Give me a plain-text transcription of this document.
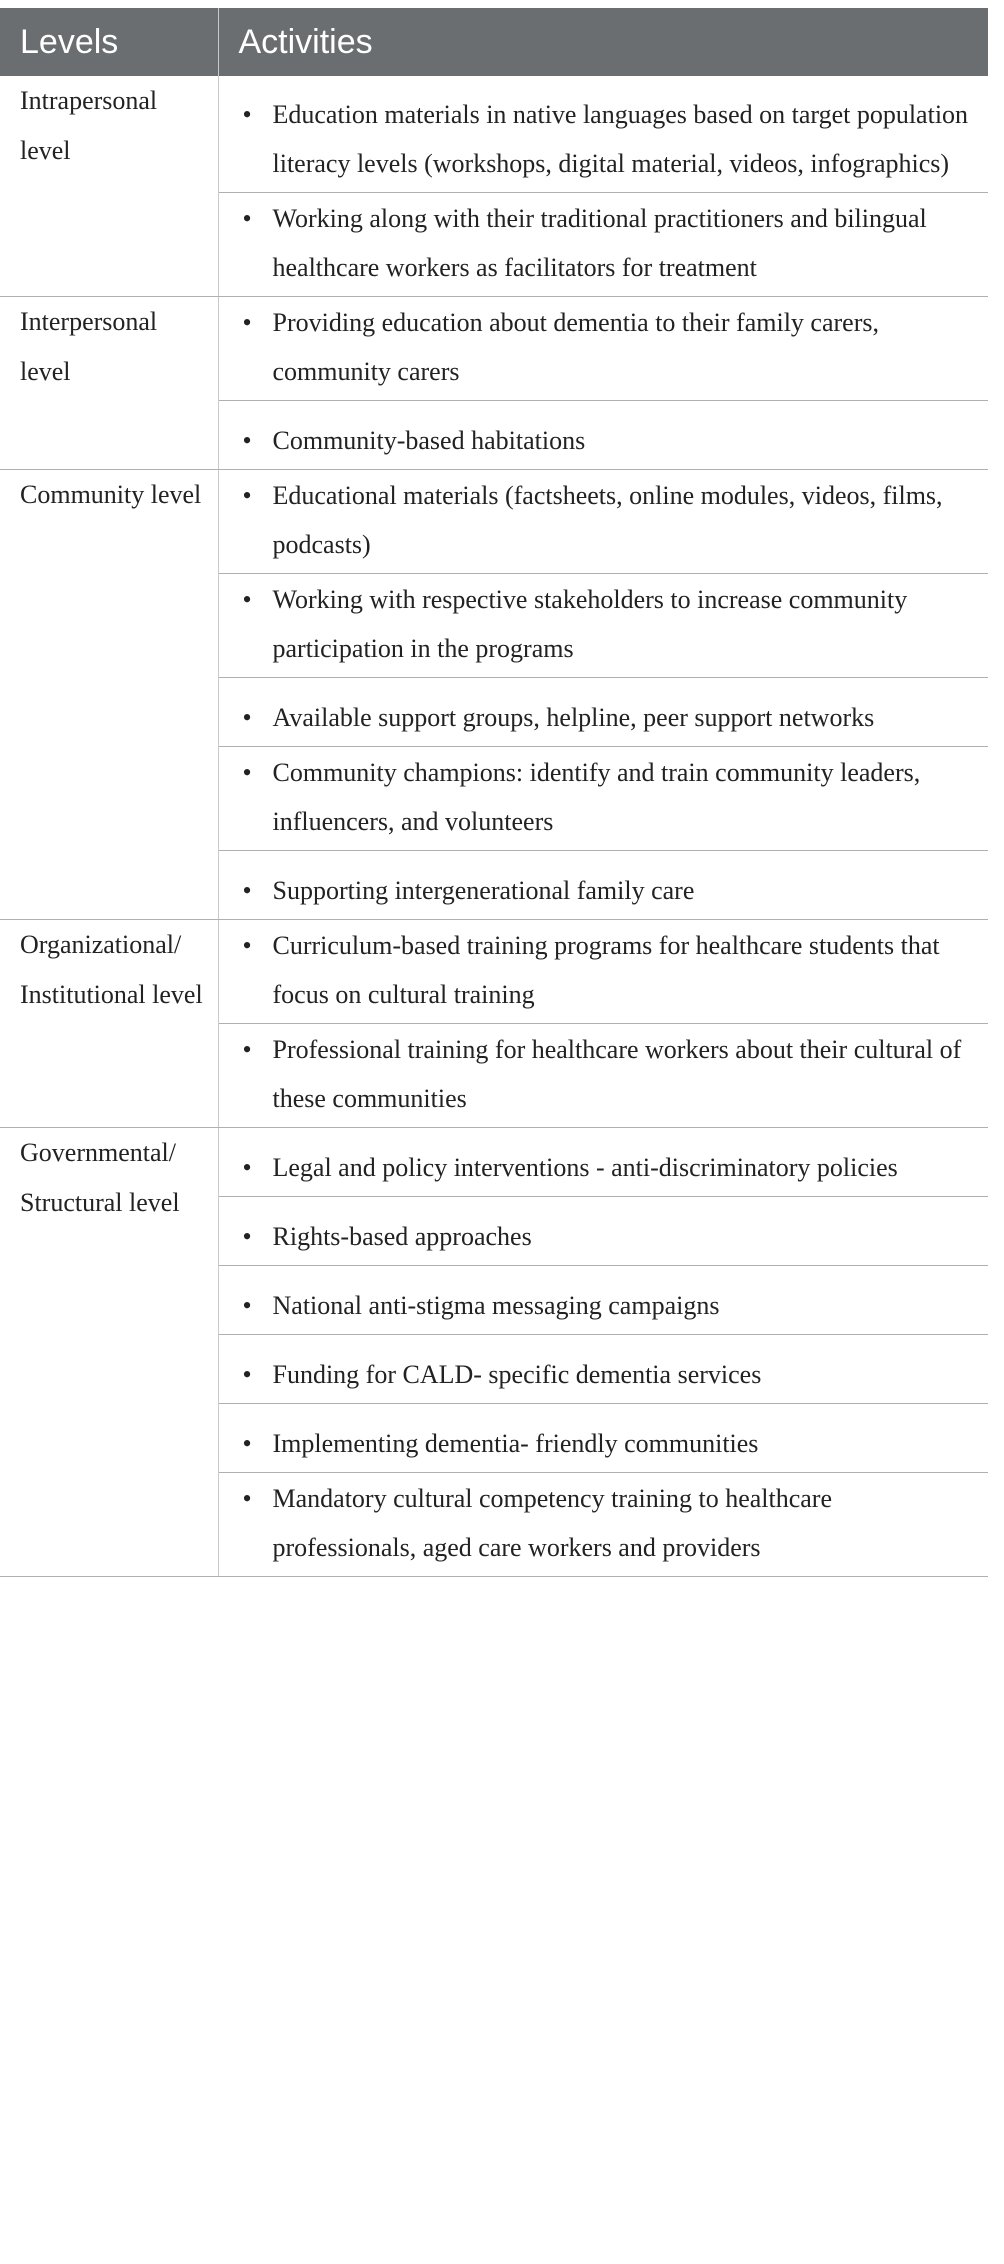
Levels	Activities
Intrapersonal level	• Education materials in native languages based on target population literacy levels (workshops, digital material, videos, infographics)

	• Working along with their traditional practitioners and bilingual healthcare workers as facilitators for treatment

Interpersonal level	• Providing education about dementia to their family carers, community carers

	• Community-based habitations

Community level	• Educational materials (factsheets, online modules, videos, films, podcasts)

	• Working with respective stakeholders to increase community participation in the programs

	• Available support groups, helpline, peer support networks

	• Community champions: identify and train community leaders, influencers, and volunteers

	• Supporting intergenerational family care

Organizational/ Institutional level	• Curriculum-based training programs for healthcare students that focus on cultural training

	• Professional training for healthcare workers about their cultural of these communities

Governmental/ Structural level	• Legal and policy interventions - anti-discriminatory policies

	• Rights-based approaches

	• National anti-stigma messaging campaigns

	• Funding for CALD- specific dementia services

	• Implementing dementia- friendly communities

	• Mandatory cultural competency training to healthcare professionals, aged care workers and providers
